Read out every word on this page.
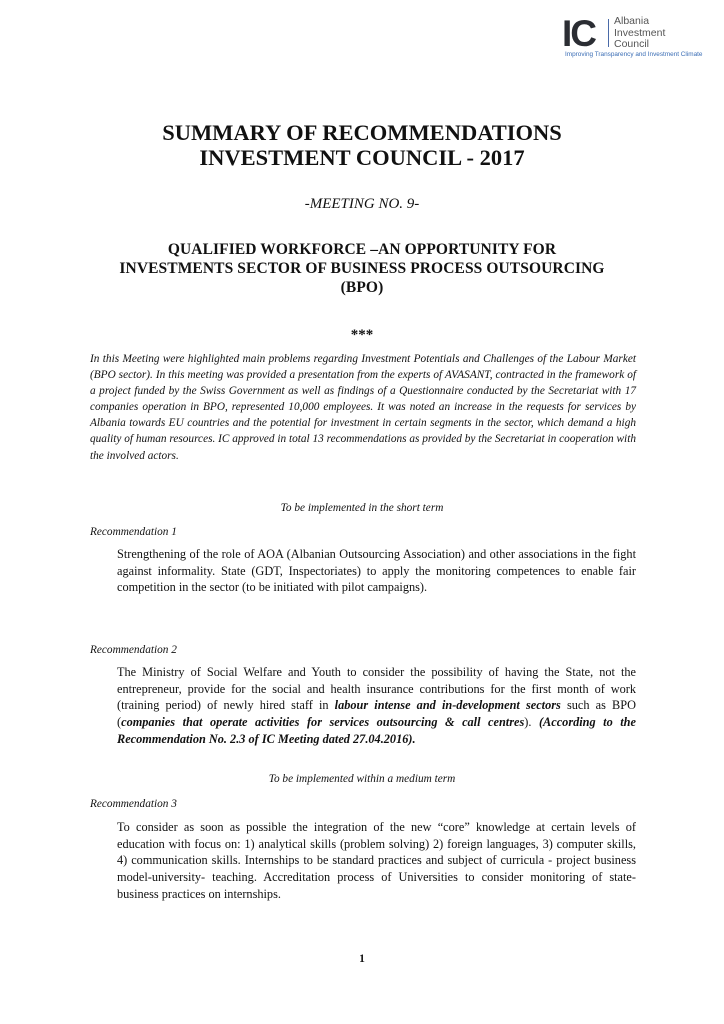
IC Albania
Investment
Council
Improving Transparency and Investment Climate
SUMMARY OF RECOMMENDATIONS
INVESTMENT COUNCIL - 2017
-MEETING NO. 9-
QUALIFIED WORKFORCE –AN OPPORTUNITY FOR
INVESTMENTS SECTOR OF BUSINESS PROCESS OUTSOURCING
(BPO)
***
In this Meeting were highlighted main problems regarding Investment Potentials and Challenges of the Labour Market (BPO sector). In this meeting was provided a presentation from the experts of AVASANT, contracted in the framework of a project funded by the Swiss Government as well as findings of a Questionnaire conducted by the Secretariat with 17 companies operation in BPO, represented 10,000 employees. It was noted an increase in the requests for services by Albania towards EU countries and the potential for investment in certain segments in the sector, which demand a high quality of human resources. IC approved in total 13 recommendations as provided by the Secretariat in cooperation with the involved actors.
To be implemented in the short term
Recommendation 1
Strengthening of the role of AOA (Albanian Outsourcing Association) and other associations in the fight against informality. State (GDT, Inspectoriates) to apply the monitoring competences to enable fair competition in the sector (to be initiated with pilot campaigns).
Recommendation 2
The Ministry of Social Welfare and Youth to consider the possibility of having the State, not the entrepreneur, provide for the social and health insurance contributions for the first month of work (training period) of newly hired staff in labour intense and in-development sectors such as BPO (companies that operate activities for services outsourcing & call centres). (According to the Recommendation No. 2.3 of IC Meeting dated 27.04.2016).
To be implemented within a medium term
Recommendation 3
To consider as soon as possible the integration of the new “core” knowledge at certain levels of education with focus on: 1) analytical skills (problem solving) 2) foreign languages, 3) computer skills, 4) communication skills. Internships to be standard practices and subject of curricula - project business model-university- teaching. Accreditation process of Universities to consider monitoring of state-business practices on internships.
1
